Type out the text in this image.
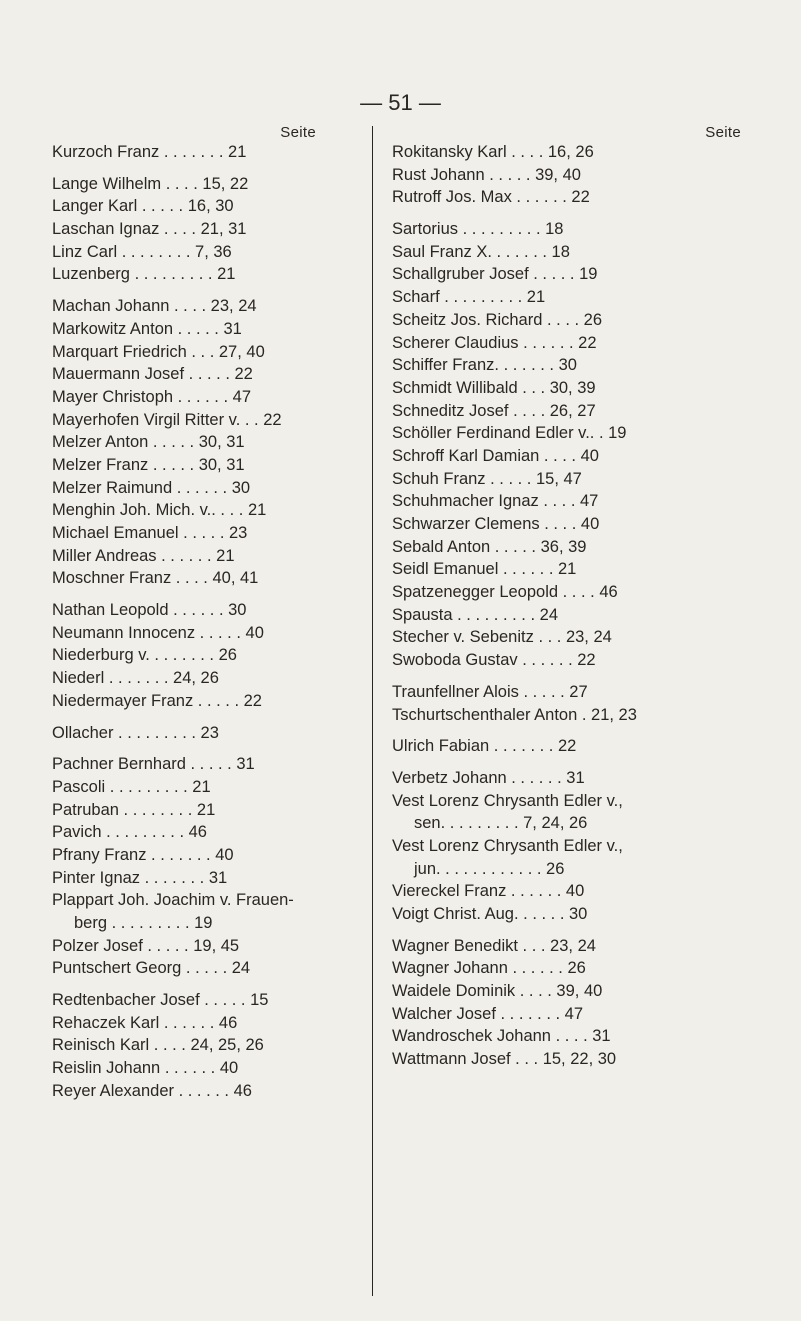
— 51 —
Seite
Kurzoch Franz . . . . . . . 21
Lange Wilhelm . . . . 15, 22
Langer Karl . . . . . 16, 30
Laschan Ignaz . . . . 21, 31
Linz Carl . . . . . . . . 7, 36
Luzenberg . . . . . . . . . 21
Machan Johann . . . . 23, 24
Markowitz Anton . . . . . 31
Marquart Friedrich . . . 27, 40
Mauermann Josef . . . . . 22
Mayer Christoph . . . . . . 47
Mayerhofen Virgil Ritter v. . . 22
Melzer Anton . . . . . 30, 31
Melzer Franz . . . . . 30, 31
Melzer Raimund . . . . . . 30
Menghin Joh. Mich. v.. . . . 21
Michael Emanuel . . . . . 23
Miller Andreas . . . . . . 21
Moschner Franz . . . . 40, 41
Nathan Leopold . . . . . . 30
Neumann Innocenz . . . . . 40
Niederburg v. . . . . . . . 26
Niederl . . . . . . . 24, 26
Niedermayer Franz . . . . . 22
Ollacher . . . . . . . . . 23
Pachner Bernhard . . . . . 31
Pascoli . . . . . . . . . 21
Patruban . . . . . . . . 21
Pavich . . . . . . . . . 46
Pfrany Franz . . . . . . . 40
Pinter Ignaz . . . . . . . 31
Plappart Joh. Joachim v. Frauen-
berg . . . . . . . . . 19
Polzer Josef . . . . . 19, 45
Puntschert Georg . . . . . 24
Redtenbacher Josef . . . . . 15
Rehaczek Karl . . . . . . 46
Reinisch Karl . . . . 24, 25, 26
Reislin Johann . . . . . . 40
Reyer Alexander . . . . . . 46
Seite
Rokitansky Karl . . . . 16, 26
Rust Johann . . . . . 39, 40
Rutroff Jos. Max . . . . . . 22
Sartorius . . . . . . . . . 18
Saul Franz X. . . . . . . 18
Schallgruber Josef . . . . . 19
Scharf . . . . . . . . . 21
Scheitz Jos. Richard . . . . 26
Scherer Claudius . . . . . . 22
Schiffer Franz. . . . . . . 30
Schmidt Willibald . . . 30, 39
Schneditz Josef . . . . 26, 27
Schöller Ferdinand Edler v.. . 19
Schroff Karl Damian . . . . 40
Schuh Franz . . . . . 15, 47
Schuhmacher Ignaz . . . . 47
Schwarzer Clemens . . . . 40
Sebald Anton . . . . . 36, 39
Seidl Emanuel . . . . . . 21
Spatzenegger Leopold . . . . 46
Spausta . . . . . . . . . 24
Stecher v. Sebenitz . . . 23, 24
Swoboda Gustav . . . . . . 22
Traunfellner Alois . . . . . 27
Tschurtschenthaler Anton . 21, 23
Ulrich Fabian . . . . . . . 22
Verbetz Johann . . . . . . 31
Vest Lorenz Chrysanth Edler v.,
sen. . . . . . . . . 7, 24, 26
Vest Lorenz Chrysanth Edler v.,
jun. . . . . . . . . . . . 26
Viereckel Franz . . . . . . 40
Voigt Christ. Aug. . . . . . 30
Wagner Benedikt . . . 23, 24
Wagner Johann . . . . . . 26
Waidele Dominik . . . . 39, 40
Walcher Josef . . . . . . . 47
Wandroschek Johann . . . . 31
Wattmann Josef . . . 15, 22, 30
